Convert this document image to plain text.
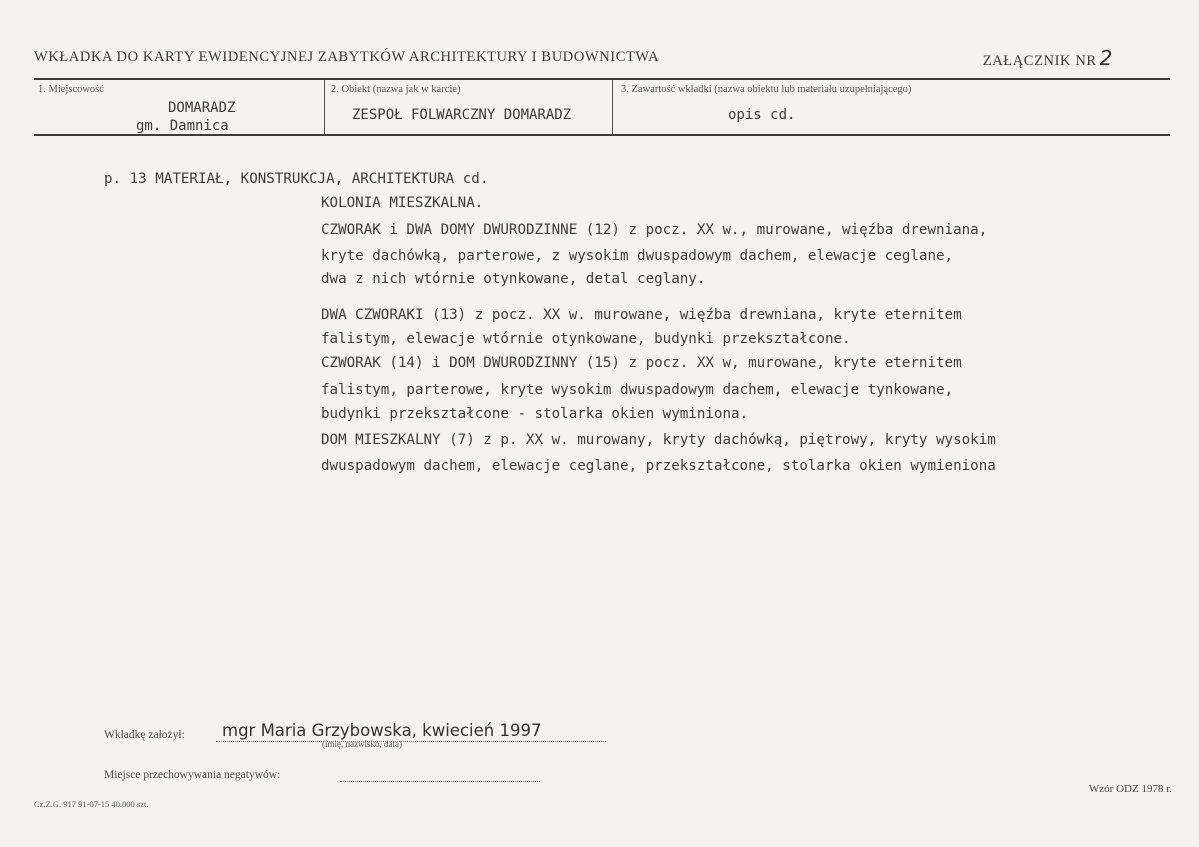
WKŁADKA DO KARTY EWIDENCYJNEJ ZABYTKÓW ARCHITEKTURY I BUDOWNICTWA	ZAŁĄCZNIK NR 2
1. Miejscowość
DOMARADZ
gm. Damnica
2. Obiekt (nazwa jak w karcie)
ZESPÓŁ FOLWARCZNY DOMARADZ
3. Zawartość wkładki (nazwa obiektu lub materiału uzupełniającego)
opis cd.
p. 13 MATERIAŁ, KONSTRUKCJA, ARCHITEKTURA cd.
KOLONIA MIESZKALNA.
CZWORAK i DWA DOMY DWURODZINNE (12) z pocz. XX w., murowane, więźba drewniana,
kryte dachówką, parterowe, z wysokim dwuspadowym dachem, elewacje ceglane,
dwa z nich wtórnie otynkowane, detal ceglany.
DWA CZWORAKI (13) z pocz. XX w. murowane, więźba drewniana, kryte eternitem
falistym, elewacje wtórnie otynkowane, budynki przekształcone.
CZWORAK (14) i DOM DWURODZINNY (15) z pocz. XX w, murowane, kryte eternitem
falistym, parterowe, kryte wysokim dwuspadowym dachem, elewacje tynkowane,
budynki przekształcone - stolarka okien wyminiona.
DOM MIESZKALNY (7) z p. XX w. murowany, kryty dachówką, piętrowy, kryty wysokim
dwuspadowym dachem, elewacje ceglane, przekształcone, stolarka okien wymieniona
Wkładkę założył: mgr Maria Grzybowska, kwiecień 1997
(imię, nazwisko, data)
Miejsce przechowywania negatywów:
Wzór ODZ 1978 r.
Cz.Z.G. 917 91-07-15 40.000 szt.
